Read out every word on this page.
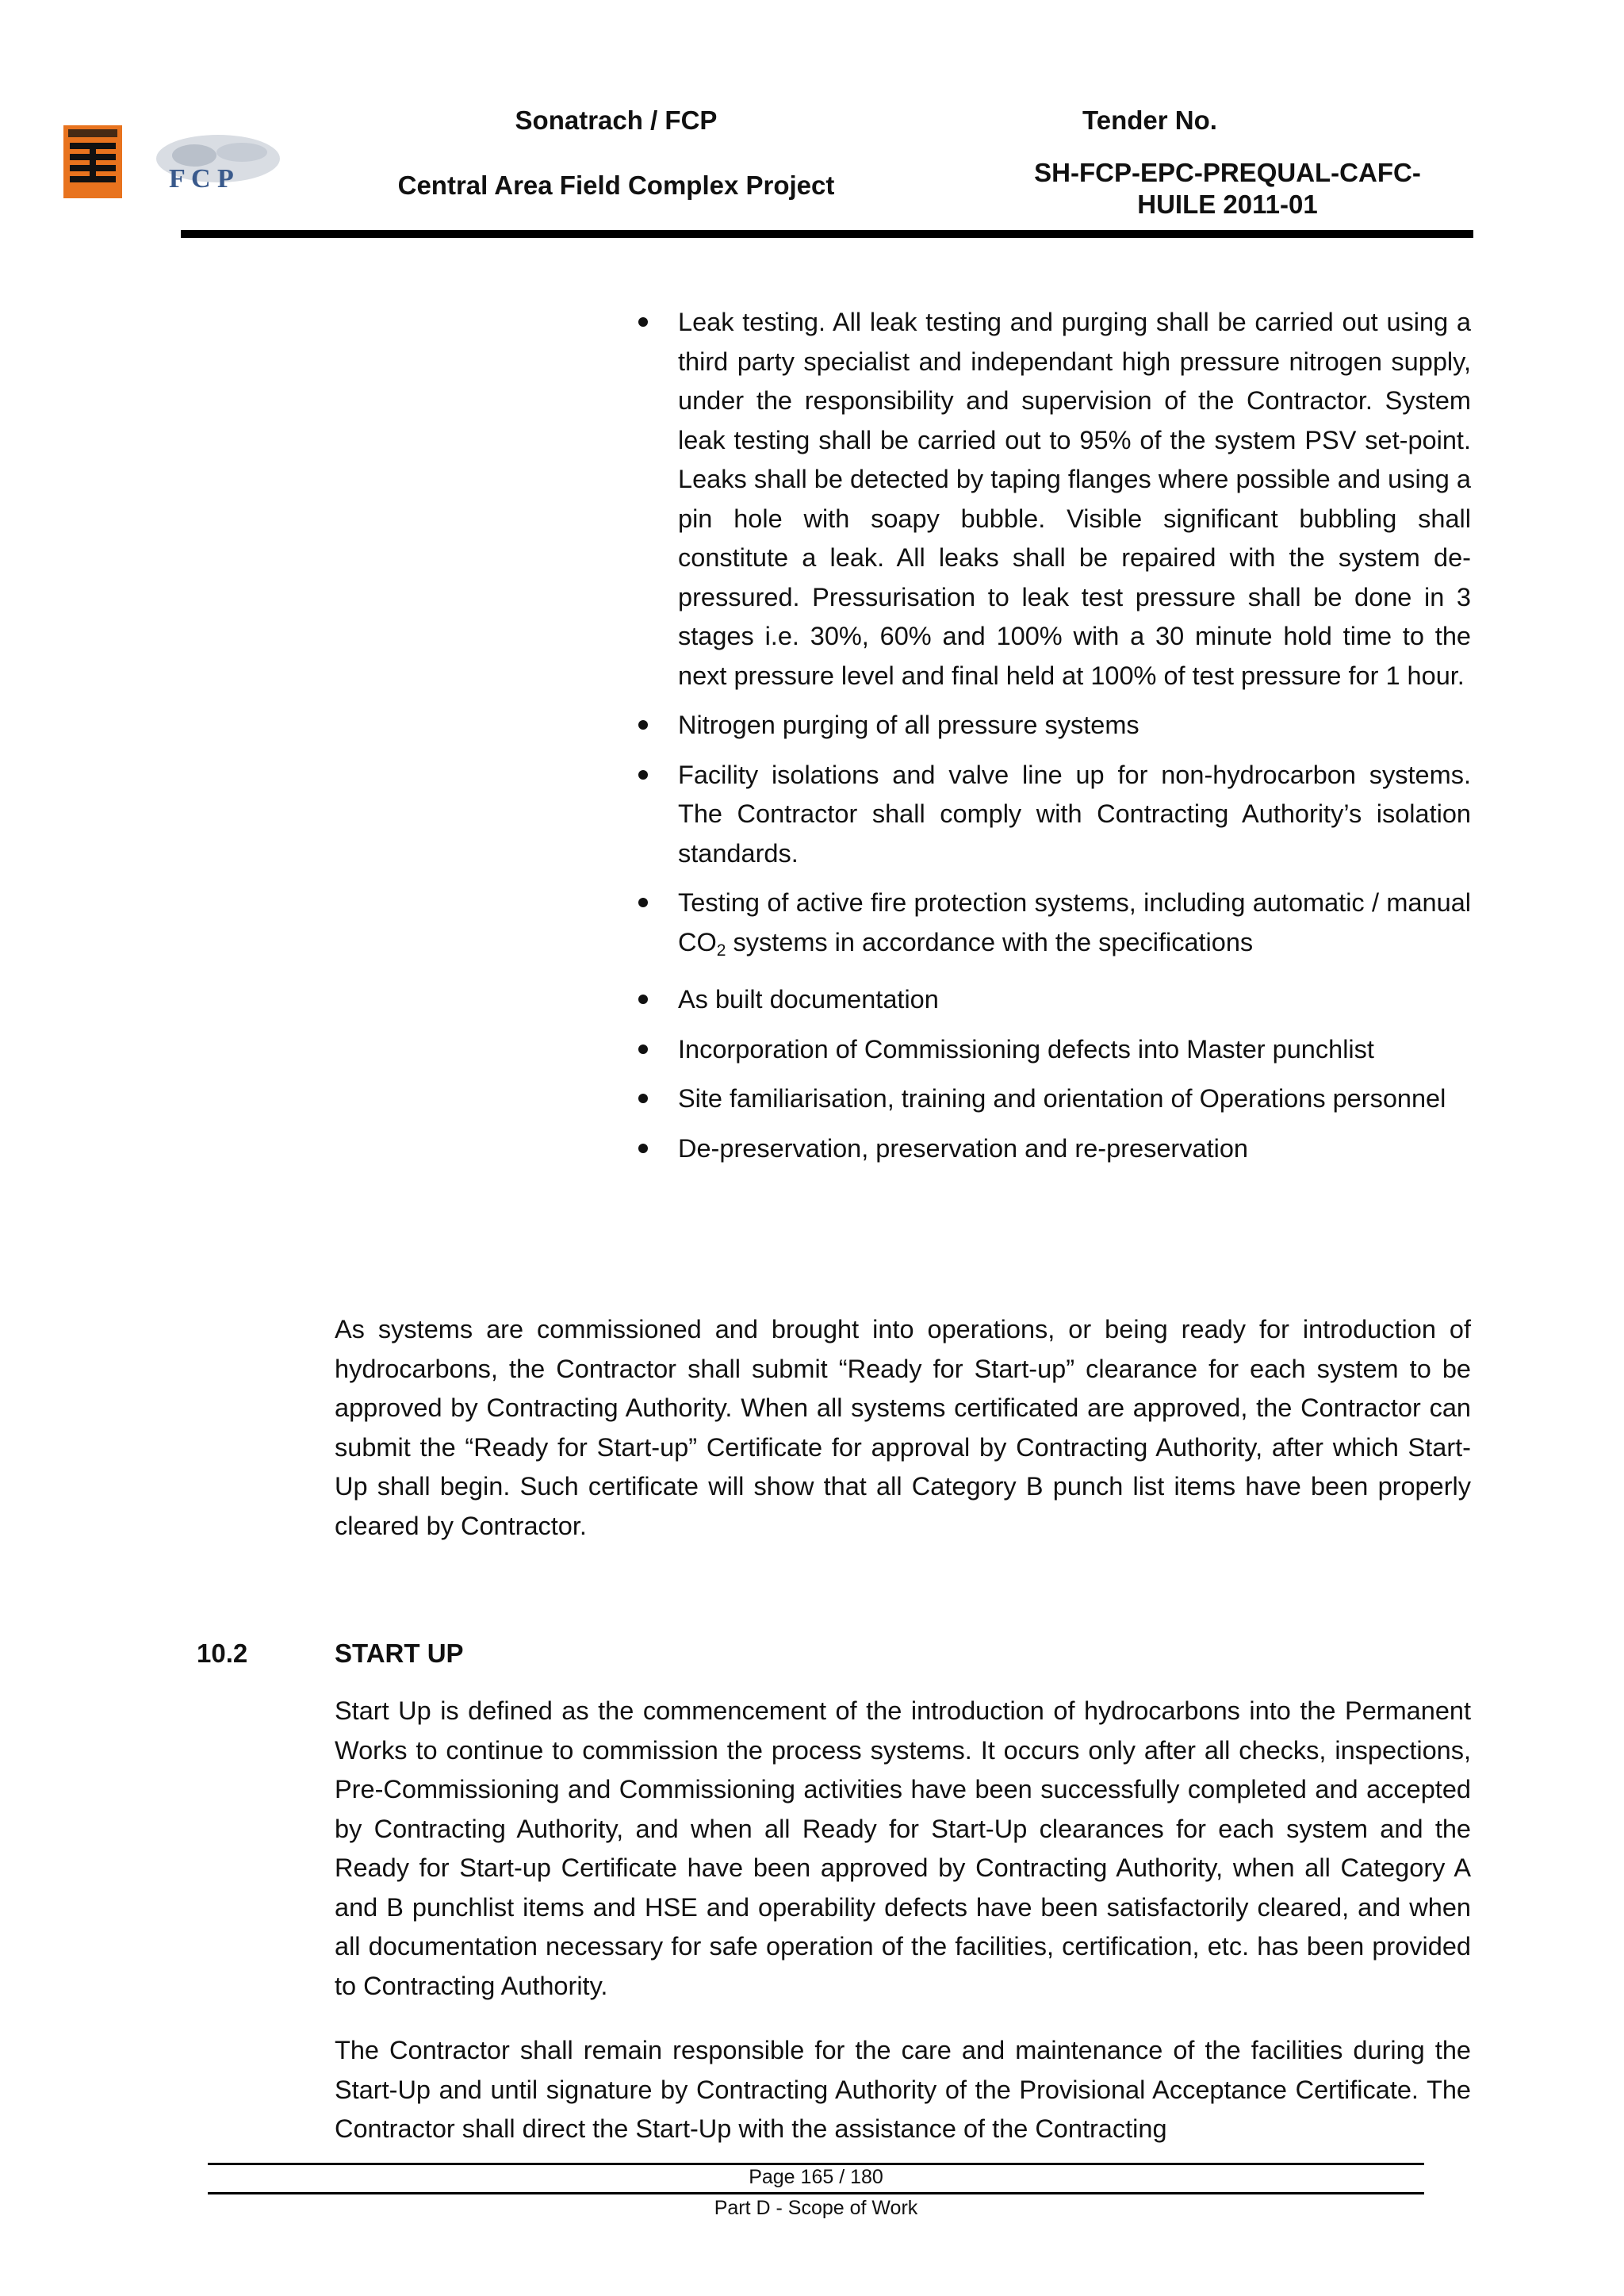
F C P
Sonatrach / FCP
Central Area Field Complex Project
Tender No.
SH-FCP-EPC-PREQUAL-CAFC-
HUILE 2011-01
Leak testing. All leak testing and purging shall be carried out using a third party specialist and independant high pressure nitrogen supply, under the responsibility and supervision of the Contractor. System leak testing shall be carried out to 95% of the system PSV set-point. Leaks shall be detected by taping flanges where possible and using a pin hole with soapy bubble. Visible significant bubbling shall constitute a leak. All leaks shall be repaired with the system de-pressured. Pressurisation to leak test pressure shall be done in 3 stages i.e. 30%, 60% and 100% with a 30 minute hold time to the next pressure level and final held at 100% of test pressure for 1 hour.
Nitrogen purging of all pressure systems
Facility isolations and valve line up for non-hydrocarbon systems. The Contractor shall comply with Contracting Authority’s isolation standards.
Testing of active fire protection systems, including automatic / manual $CO_2$ systems in accordance with the specifications
As built documentation
Incorporation of Commissioning defects into Master punchlist
Site familiarisation, training and orientation of Operations personnel
De-preservation, preservation and re-preservation
As systems are commissioned and brought into operations, or being ready for introduction of hydrocarbons, the Contractor shall submit “Ready for Start-up” clearance for each system to be approved by Contracting Authority. When all systems certificated are approved, the Contractor can submit the “Ready for Start-up” Certificate for approval by Contracting Authority, after which Start-Up shall begin. Such certificate will show that all Category B punch list items have been properly cleared by Contractor.
10.2	START UP
Start Up is defined as the commencement of the introduction of hydrocarbons into the Permanent Works to continue to commission the process systems. It occurs only after all checks, inspections, Pre-Commissioning and Commissioning activities have been successfully completed and accepted by Contracting Authority, and when all Ready for Start-Up clearances for each system and the Ready for Start-up Certificate have been approved by Contracting Authority, when all Category A and B punchlist items and HSE and operability defects have been satisfactorily cleared, and when all documentation necessary for safe operation of the facilities, certification, etc. has been provided to Contracting Authority.
The Contractor shall remain responsible for the care and maintenance of the facilities during the Start-Up and until signature by Contracting Authority of the Provisional Acceptance Certificate. The Contractor shall direct the Start-Up with the assistance of the Contracting
Page 165 / 180
Part D - Scope of Work
